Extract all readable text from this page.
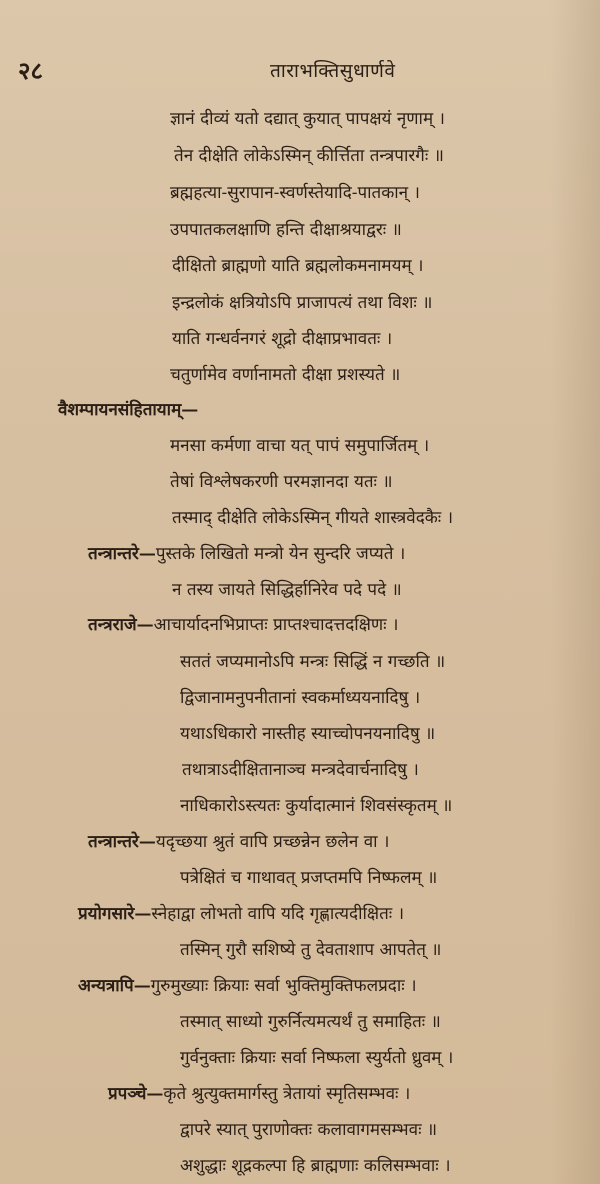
२८	ताराभक्तिसुधार्णवे
ज्ञानं दीव्यं यतो दद्यात् कुयात् पापक्षयं नृणाम् ।
तेन दीक्षेति लोकेऽस्मिन् कीर्त्तिता तन्त्रपारगैः ॥
ब्रह्महत्या-सुरापान-स्वर्णस्तेयादि-पातकान् ।
उपपातकलक्षाणि हन्ति दीक्षाश्रयाद्वरः ॥
दीक्षितो ब्राह्मणो याति ब्रह्मलोकमनामयम् ।
इन्द्रलोकं क्षत्रियोऽपि प्राजापत्यं तथा विशः ॥
याति गन्धर्वनगरं शूद्रो दीक्षाप्रभावतः ।
चतुर्णामेव वर्णानामतो दीक्षा प्रशस्यते ॥
वैशम्पायनसंहितायाम्—
मनसा कर्मणा वाचा यत् पापं समुपार्जितम् ।
तेषां विश्लेषकरणी परमज्ञानदा यतः ॥
तस्माद् दीक्षेति लोकेऽस्मिन् गीयते शास्त्रवेदकैः ।
तन्त्रान्तरे—पुस्तके लिखितो मन्त्रो येन सुन्दरि जप्यते ।
न तस्य जायते सिद्धिर्हानिरेव पदे पदे ॥
तन्त्रराजे—आचार्यादनभिप्राप्तः प्राप्तश्चादत्तदक्षिणः ।
सततं जप्यमानोऽपि मन्त्रः सिद्धिं न गच्छति ॥
द्विजानामनुपनीतानां स्वकर्माध्ययनादिषु ।
यथाऽधिकारो नास्तीह स्याच्चोपनयनादिषु ॥
तथात्राऽदीक्षितानाञ्च मन्त्रदेवार्चनादिषु ।
नाधिकारोऽस्त्यतः कुर्यादात्मानं शिवसंस्कृतम् ॥
तन्त्रान्तरे—यदृच्छया श्रुतं वापि प्रच्छन्नेन छलेन वा ।
पत्रेक्षितं च गाथावत् प्रजप्तमपि निष्फलम् ॥
प्रयोगसारे—स्नेहाद्वा लोभतो वापि यदि गृह्णात्यदीक्षितः ।
तस्मिन् गुरौ सशिष्ये तु देवताशाप आपतेत् ॥
अन्यत्रापि—गुरुमुख्याः क्रियाः सर्वा भुक्तिमुक्तिफलप्रदाः ।
तस्मात् साध्यो गुरुर्नित्यमत्यर्थं तु समाहितः ॥
गुर्वनुक्ताः क्रियाः सर्वा निष्फला स्युर्यतो ध्रुवम् ।
प्रपञ्चे—कृते श्रुत्युक्तमार्गस्तु त्रेतायां स्मृतिसम्भवः ।
द्वापरे स्यात् पुराणोक्तः कलावागमसम्भवः ॥
अशुद्धाः शूद्रकल्पा हि ब्राह्मणाः कलिसम्भवाः ।
